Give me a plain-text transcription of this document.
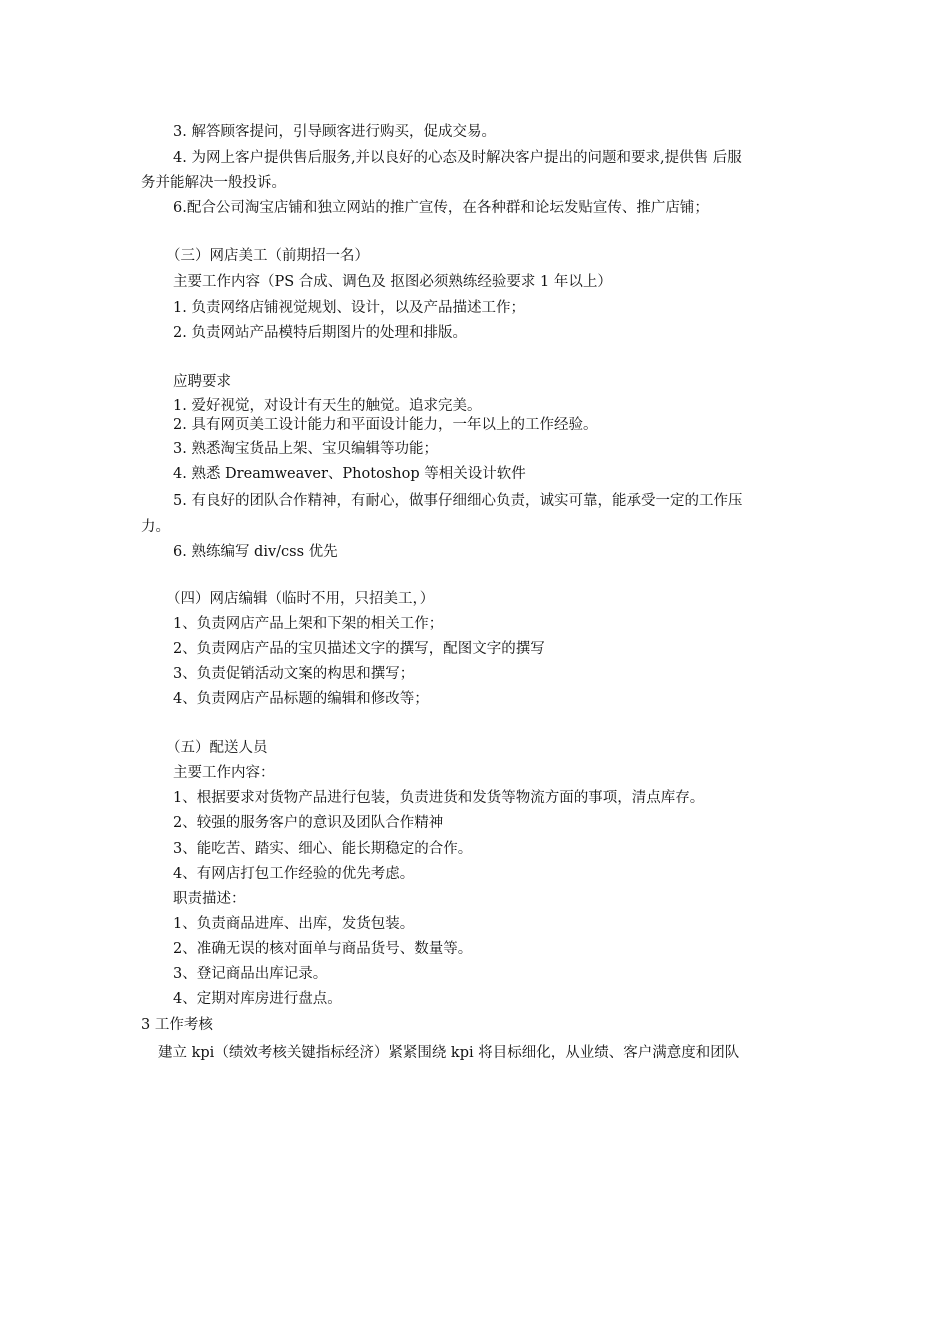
3. 解答顾客提问，引导顾客进行购买，促成交易。
4. 为网上客户提供售后服务,并以良好的心态及时解决客户提出的问题和要求,提供售 后服
务并能解决一般投诉。
6.配合公司淘宝店铺和独立网站的推广宣传，在各种群和论坛发贴宣传、推广店铺；
（三）网店美工（前期招一名）
主要工作内容（PS 合成、调色及 抠图必须熟练经验要求 1 年以上）
1. 负责网络店铺视觉规划、设计，以及产品描述工作；
2. 负责网站产品模特后期图片的处理和排版。
应聘要求
1. 爱好视觉，对设计有天生的触觉。追求完美。
2. 具有网页美工设计能力和平面设计能力，一年以上的工作经验。
3. 熟悉淘宝货品上架、宝贝编辑等功能；
4. 熟悉 Dreamweaver、Photoshop 等相关设计软件
5. 有良好的团队合作精神，有耐心，做事仔细细心负责，诚实可靠，能承受一定的工作压
力。
6. 熟练编写 div/css 优先
（四）网店编辑（临时不用，只招美工，）
1、负责网店产品上架和下架的相关工作；
2、负责网店产品的宝贝描述文字的撰写，配图文字的撰写
3、负责促销活动文案的构思和撰写；
4、负责网店产品标题的编辑和修改等；
（五）配送人员
主要工作内容：
1、根据要求对货物产品进行包装，负责进货和发货等物流方面的事项，清点库存。
2、较强的服务客户的意识及团队合作精神
3、能吃苦、踏实、细心、能长期稳定的合作。
4、有网店打包工作经验的优先考虑。
职责描述：
1、负责商品进库、出库，发货包装。
2、准确无误的核对面单与商品货号、数量等。
3、登记商品出库记录。
4、定期对库房进行盘点。
3 工作考核
建立 kpi（绩效考核关键指标经济）紧紧围绕 kpi 将目标细化，从业绩、客户满意度和团队
